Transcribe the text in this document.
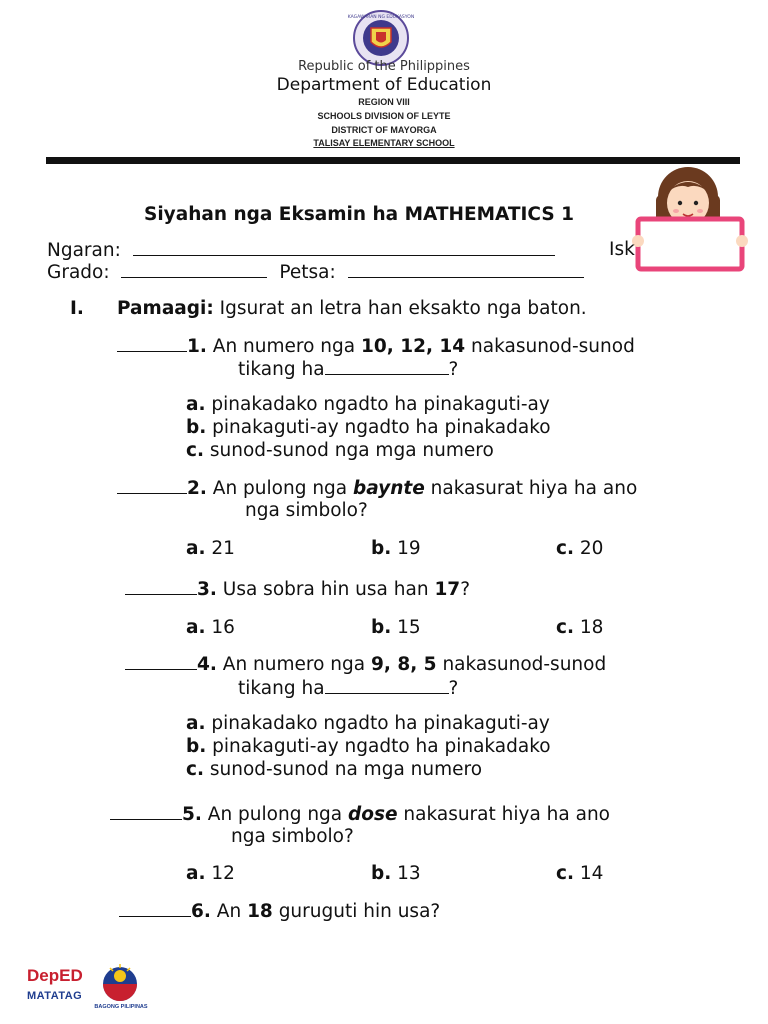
KAGAWARAN NG EDUKASYON
Republic of the Philippines
Department of Education
REGION VIII
SCHOOLS DIVISION OF LEYTE
DISTRICT OF MAYORGA
TALISAY ELEMENTARY SCHOOL
Siyahan nga Eksamin ha MATHEMATICS 1
Ngaran:	Isk
Grado:	Petsa:
I. Pamaagi: Igsurat an letra han eksakto nga baton.
1. An numero nga 10, 12, 14 nakasunod-sunod
tikang ha	?
a. pinakadako ngadto ha pinakaguti-ay
b. pinakaguti-ay ngadto ha pinakadako
c. sunod-sunod nga mga numero
2. An pulong nga baynte nakasurat hiya ha ano
nga simbolo?
a. 21	b. 19	c. 20
3. Usa sobra hin usa han 17?
a. 16	b. 15	c. 18
4. An numero nga 9, 8, 5 nakasunod-sunod
tikang ha	?
a. pinakadako ngadto ha pinakaguti-ay
b. pinakaguti-ay ngadto ha pinakadako
c. sunod-sunod na mga numero
5. An pulong nga dose nakasurat hiya ha ano
nga simbolo?
a. 12	b. 13	c. 14
6. An 18 guruguti hin usa?
DepED
MATATAG
BAGONG PILIPINAS
